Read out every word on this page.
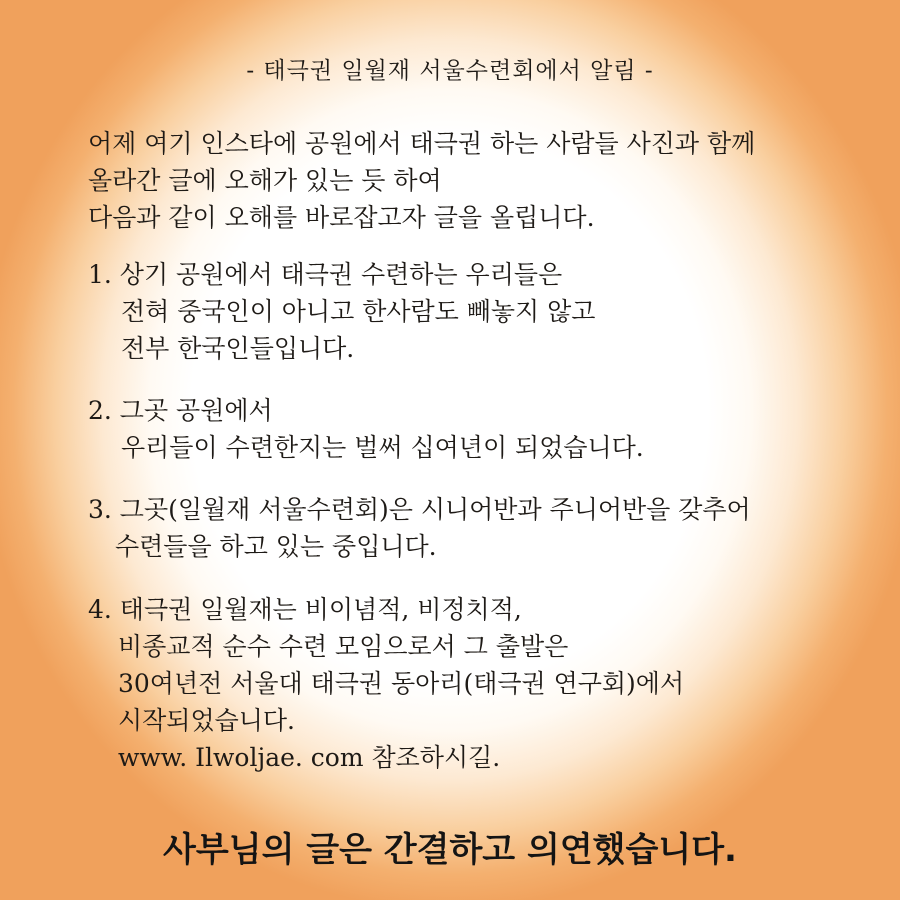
- 태극권 일월재 서울수련회에서 알림 -
어제 여기 인스타에 공원에서 태극권 하는 사람들 사진과 함께
올라간 글에 오해가 있는 듯 하여
다음과 같이 오해를 바로잡고자 글을 올립니다.
1. 상기 공원에서 태극권 수련하는 우리들은
전혀 중국인이 아니고 한사람도 빼놓지 않고
전부 한국인들입니다.
2. 그곳 공원에서
우리들이 수련한지는 벌써 십여년이 되었습니다.
3. 그곳(일월재 서울수련회)은 시니어반과 주니어반을 갖추어
수련들을 하고 있는 중입니다.
4. 태극권 일월재는 비이념적, 비정치적,
비종교적 순수 수련 모임으로서 그 출발은
30여년전 서울대 태극권 동아리(태극권 연구회)에서
시작되었습니다.
www. Ilwoljae. com 참조하시길.
사부님의 글은 간결하고 의연했습니다.
